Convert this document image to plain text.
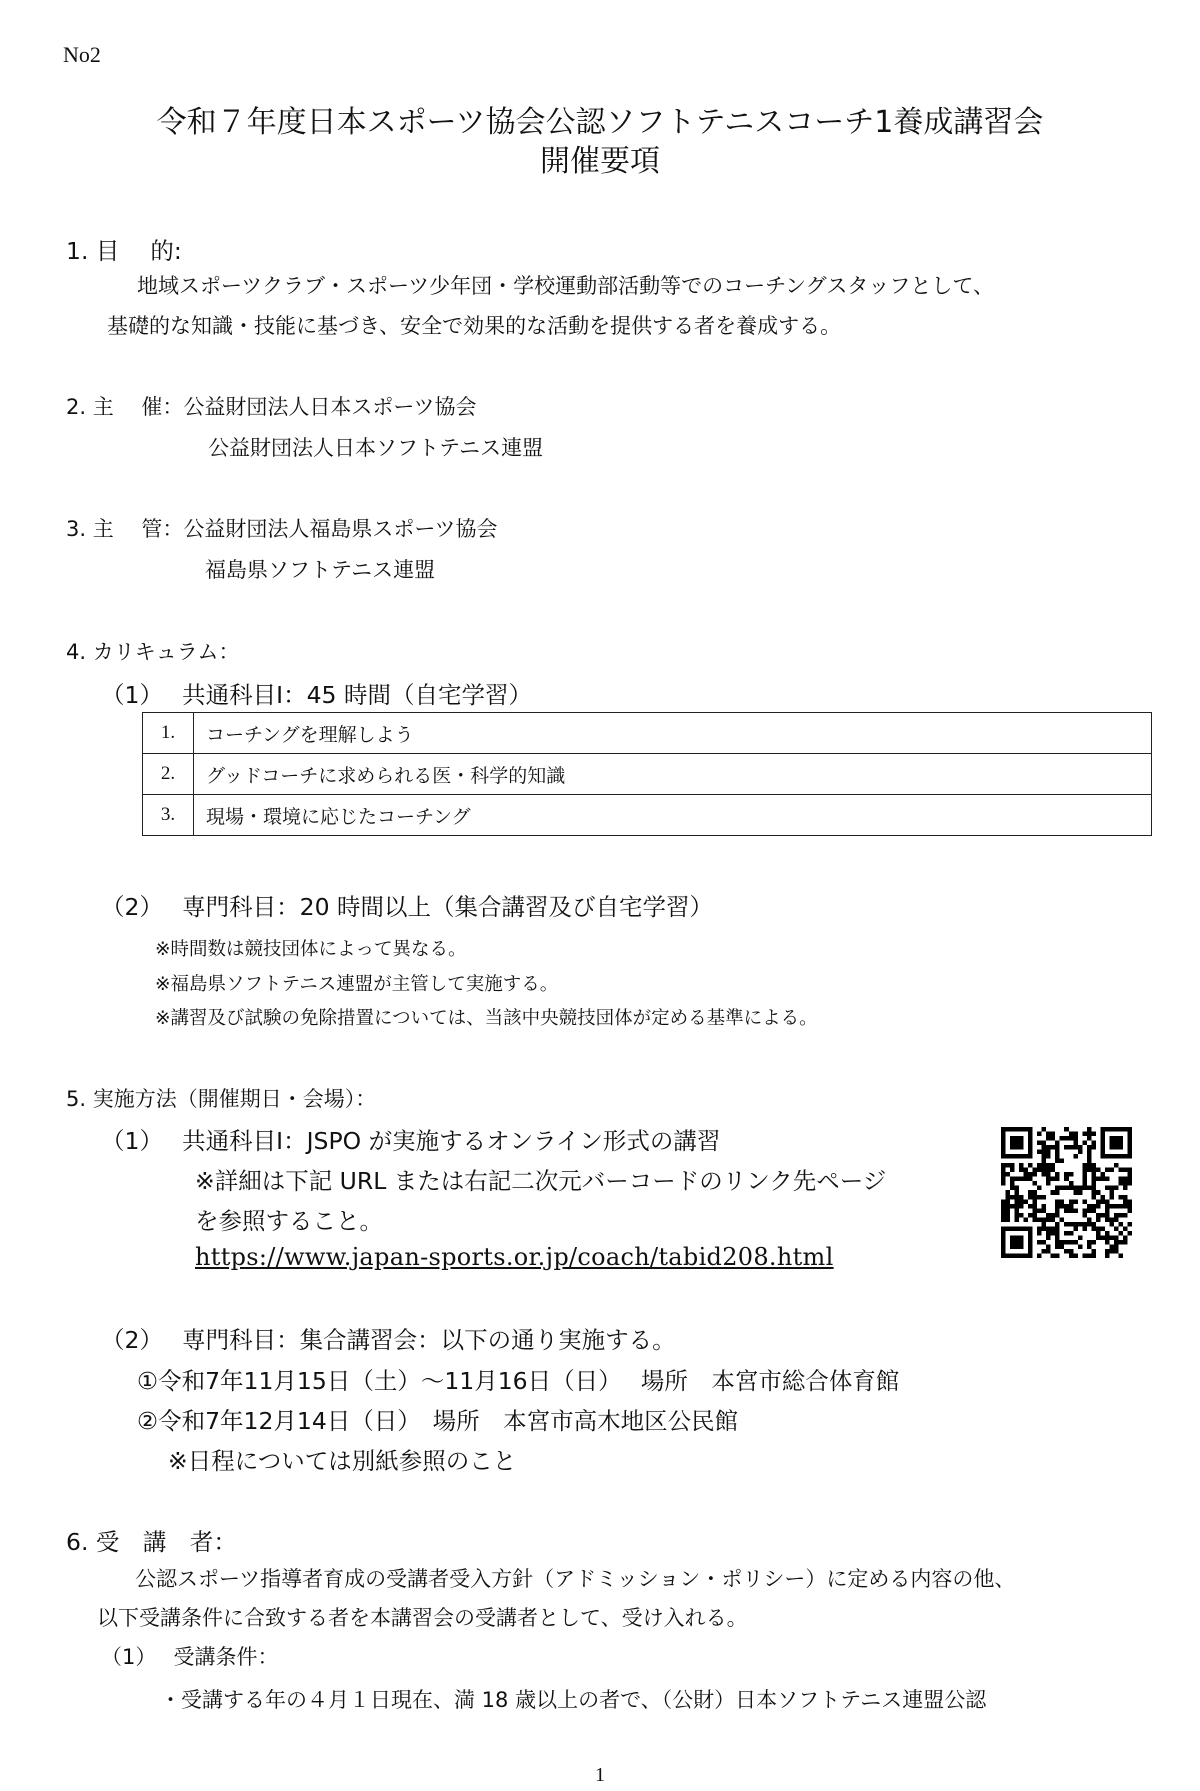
No2
令和７年度日本スポーツ協会公認ソフトテニスコーチ1養成講習会
開催要項
1. 目　 的:
地域スポーツクラブ・スポーツ少年団・学校運動部活動等でのコーチングスタッフとして、
基礎的な知識・技能に基づき、安全で効果的な活動を提供する者を養成する。
2. 主　 催：公益財団法人日本スポーツ協会
公益財団法人日本ソフトテニス連盟
3. 主　 管：公益財団法人福島県スポーツ協会
福島県ソフトテニス連盟
4. カリキュラム：
（1）　 共通科目Ⅰ：45 時間（自宅学習）
1.	コーチングを理解しよう
2.	グッドコーチに求められる医・科学的知識
3.	現場・環境に応じたコーチング
（2）　 専門科目：20 時間以上（集合講習及び自宅学習）
※時間数は競技団体によって異なる。
※福島県ソフトテニス連盟が主管して実施する。
※講習及び試験の免除措置については、当該中央競技団体が定める基準による。
5. 実施方法（開催期日・会場）：
（1）　 共通科目Ⅰ：JSPO が実施するオンライン形式の講習
※詳細は下記 URL または右記二次元バーコードのリンク先ページ
を参照すること。
https://www.japan-sports.or.jp/coach/tabid208.html
（2）　 専門科目：集合講習会：以下の通り実施する。
①令和7年11月15日（土）～11月16日（日）　 場所　本宮市総合体育館
②令和7年12月14日（日）　場所　本宮市高木地区公民館
※日程については別紙参照のこと
6. 受　講　者：
公認スポーツ指導者育成の受講者受入方針（アドミッション・ポリシー）に定める内容の他、
以下受講条件に合致する者を本講習会の受講者として、受け入れる。
（1）　 受講条件：
・受講する年の４月１日現在、満 18 歳以上の者で、（公財）日本ソフトテニス連盟公認
1
